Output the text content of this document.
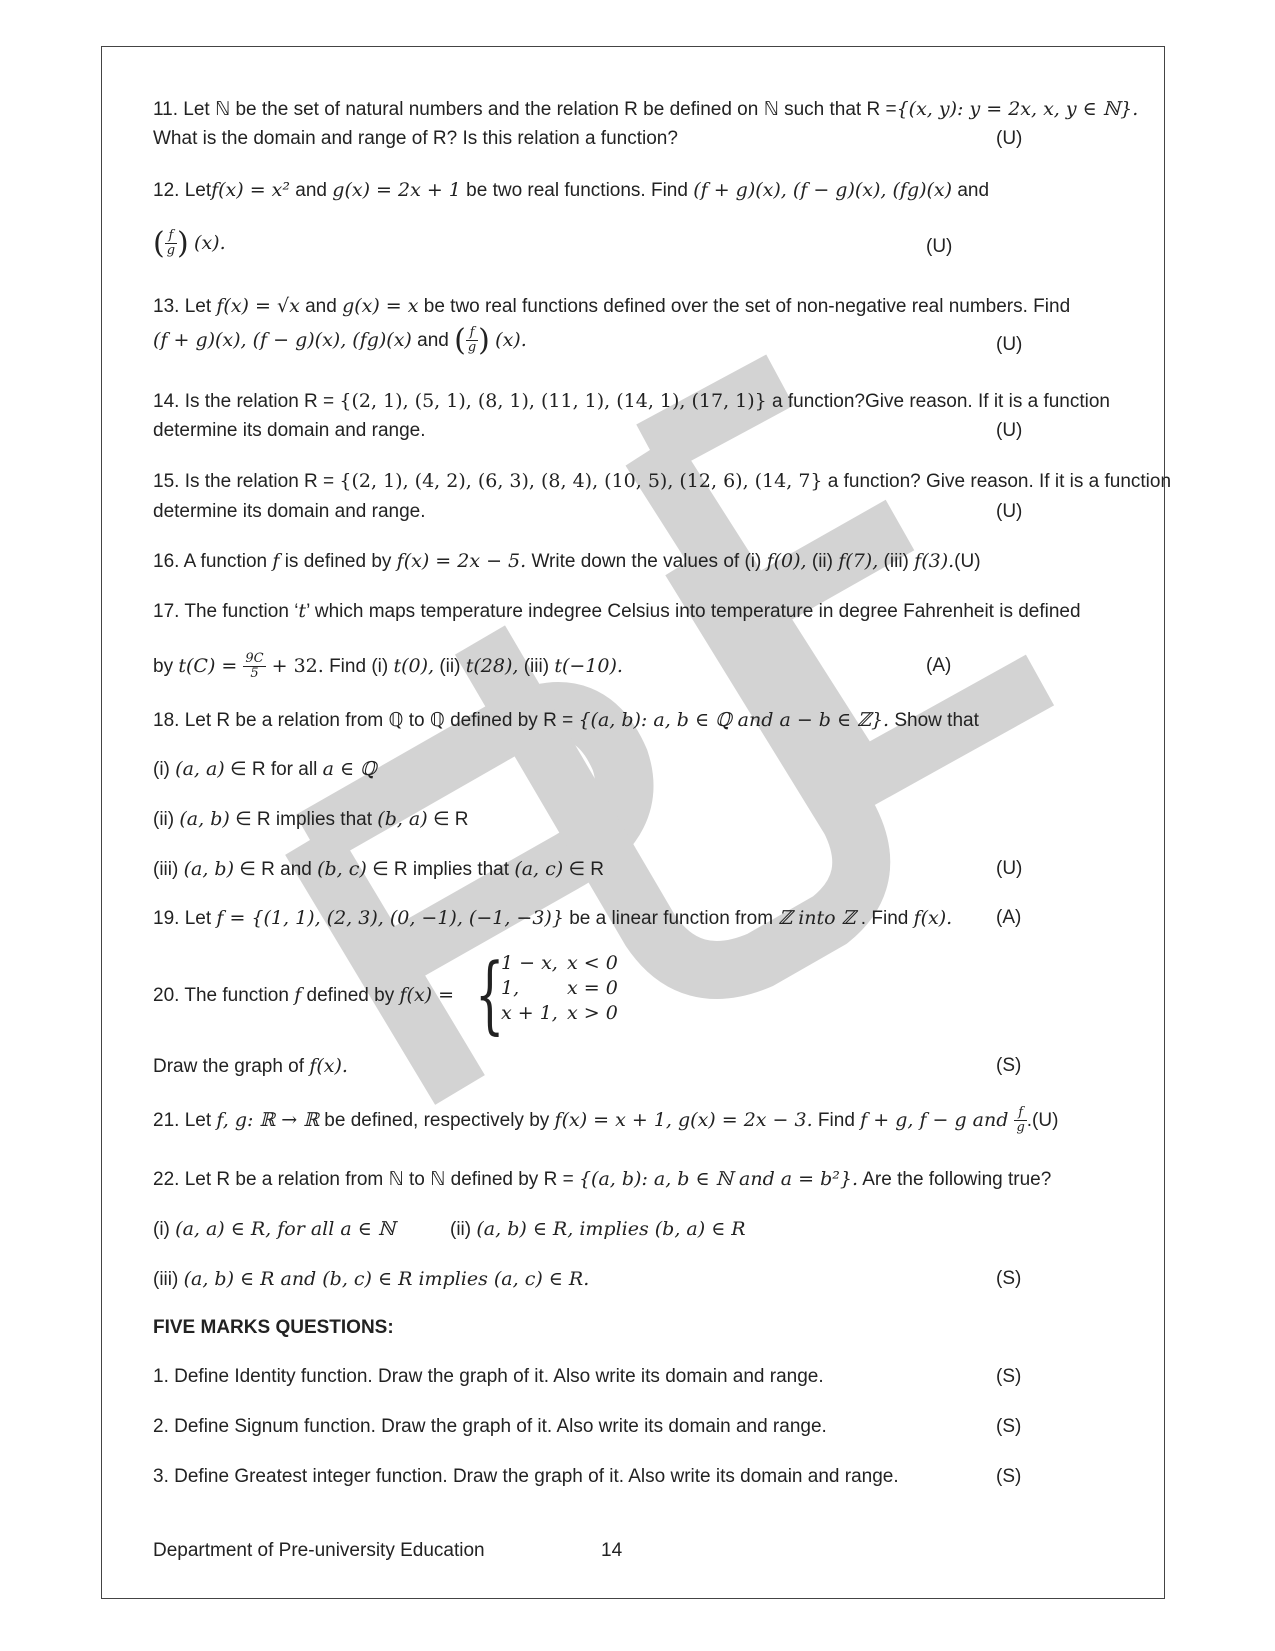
11. Let ℕ be the set of natural numbers and the relation R be defined on ℕ such that R ={(x, y): y = 2x, x, y ∈ ℕ}.
What is the domain and range of R? Is this relation a function?	(U)
12. Letf(x) = x² and g(x) = 2x + 1 be two real functions. Find (f + g)(x), (f − g)(x), (fg)(x) and
( $\frac{f}{g}$ ) (x).	(U)
13. Let f(x) = √x and g(x) = x be two real functions defined over the set of non-negative real numbers. Find
(f + g)(x), (f − g)(x), (fg)(x) and ( $\frac{f}{g}$ ) (x).	(U)
14. Is the relation R = {(2, 1), (5, 1), (8, 1), (11, 1), (14, 1), (17, 1)} a function?Give reason. If it is a function
determine its domain and range.	(U)
15. Is the relation R = {(2, 1), (4, 2), (6, 3), (8, 4), (10, 5), (12, 6), (14, 7} a function? Give reason. If it is a function
determine its domain and range.	(U)
16. A function f is defined by f(x) = 2x − 5. Write down the values of (i) f(0), (ii) f(7), (iii) f(3).(U)
17. The function ‘t’ which maps temperature indegree Celsius into temperature in degree Fahrenheit is defined
by $t(C) = \frac{9C}{5} + 32$. Find (i) t(0), (ii) t(28), (iii) t(−10).	(A)
18. Let R be a relation from ℚ to ℚ defined by R = {(a, b): a, b ∈ ℚ and a − b ∈ ℤ}. Show that
(i) (a, a) ∈ R for all a ∈ ℚ
(ii) (a, b) ∈ R implies that (b, a) ∈ R
(iii) (a, b) ∈ R and (b, c) ∈ R implies that (a, c) ∈ R	(U)
19. Let f = {(1, 1), (2, 3), (0, −1), (−1, −3)} be a linear function from ℤ into ℤ . Find f(x). (A)
20. The function f defined by f(x) = {
1 − x, x < 0
1,	x = 0
x + 1, x > 0
Draw the graph of f(x).	(S)
21. Let f, g: ℝ → ℝ be defined, respectively by f(x) = x + 1, g(x) = 2x − 3. Find f + g, f − g and $\frac{f}{g} .(U)$
22. Let R be a relation from ℕ to ℕ defined by R = {(a, b): a, b ∈ ℕ and a = b²}. Are the following true?
(i) (a, a) ∈ R, for all a ∈ ℕ	(ii) (a, b) ∈ R, implies (b, a) ∈ R
(iii) (a, b) ∈ R and (b, c) ∈ R implies (a, c) ∈ R.	(S)
FIVE MARKS QUESTIONS:
1. Define Identity function. Draw the graph of it. Also write its domain and range.	(S)
2. Define Signum function. Draw the graph of it. Also write its domain and range.	(S)
3. Define Greatest integer function. Draw the graph of it. Also write its domain and range.	(S)
Department of Pre-university Education	14
